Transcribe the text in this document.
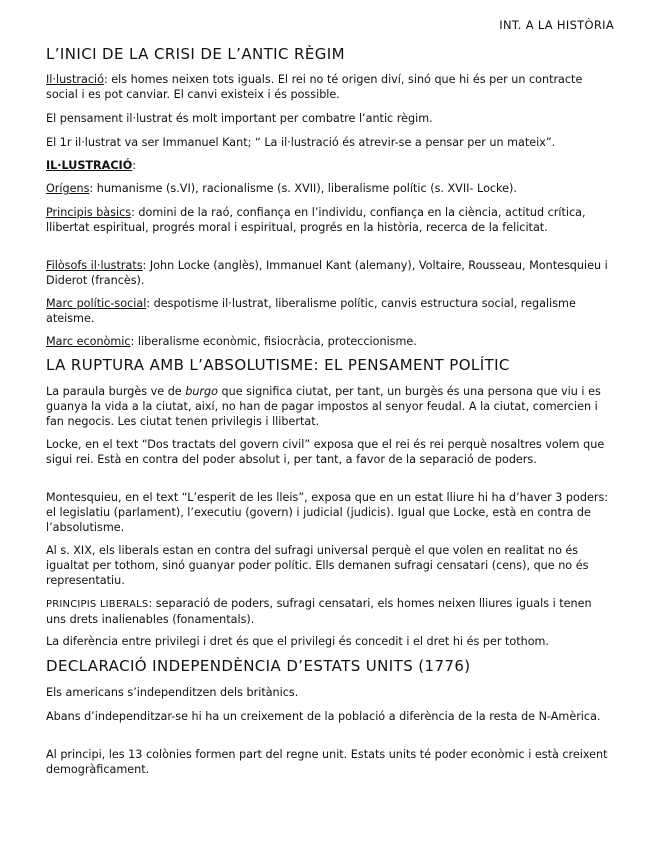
INT. A LA HISTÒRIA
L’INICI DE LA CRISI DE L’ANTIC RÈGIM

Il·lustració: els homes neixen tots iguals. El rei no té origen diví, sinó que hi és per un contracte social i es pot canviar. El canvi existeix i és possible.

El pensament il·lustrat és molt important per combatre l’antic règim.

El 1r il·lustrat va ser Immanuel Kant; “ La il·lustració és atrevir-se a pensar per un mateix”.

IL·LUSTRACIÓ:

Orígens: humanisme (s.VI), racionalisme (s. XVII), liberalisme polític (s. XVII- Locke).

Principis bàsics: domini de la raó, confiança en l’individu, confiança en la ciència, actitud crítica, llibertat espiritual, progrés moral i espiritual, progrés en la història, recerca de la felicitat.

Filòsofs il·lustrats: John Locke (anglès), Immanuel Kant (alemany), Voltaire, Rousseau, Montesquieu i Diderot (francès).

Marc polític-social: despotisme il·lustrat, liberalisme polític, canvis estructura social, regalisme ateisme.

Marc econòmic: liberalisme econòmic, fisiocràcia, proteccionisme.

LA RUPTURA AMB L’ABSOLUTISME: EL PENSAMENT POLÍTIC

La paraula burgès ve de burgo que significa ciutat, per tant, un burgès és una persona que viu i es guanya la vida a la ciutat, així, no han de pagar impostos al senyor feudal. A la ciutat, comercien i fan negocis. Les ciutat tenen privilegis i llibertat.

Locke, en el text “Dos tractats del govern civil” exposa que el rei és rei perquè nosaltres volem que sigui rei. Està en contra del poder absolut i, per tant, a favor de la separació de poders.

Montesquieu, en el text “L’esperit de les lleis”, exposa que en un estat lliure hi ha d’haver 3 poders: el legislatiu (parlament), l’executiu (govern) i judicial (judicis). Igual que Locke, està en contra de l’absolutisme.

Al s. XIX, els liberals estan en contra del sufragi universal perquè el que volen en realitat no és igualtat per tothom, sinó guanyar poder polític. Ells demanen sufragi censatari (cens), que no és representatiu.

PRINCIPIS LIBERALS: separació de poders, sufragi censatari, els homes neixen lliures iguals i tenen uns drets inalienables (fonamentals).

La diferència entre privilegi i dret és que el privilegi és concedit i el dret hi és per tothom.

DECLARACIÓ INDEPENDÈNCIA D’ESTATS UNITS (1776)

Els americans s’independitzen dels britànics.

Abans d’independitzar-se hi ha un creixement de la població a diferència de la resta de N-Amèrica.

Al principi, les 13 colònies formen part del regne unit. Estats units té poder econòmic i està creixent demogràficament.
